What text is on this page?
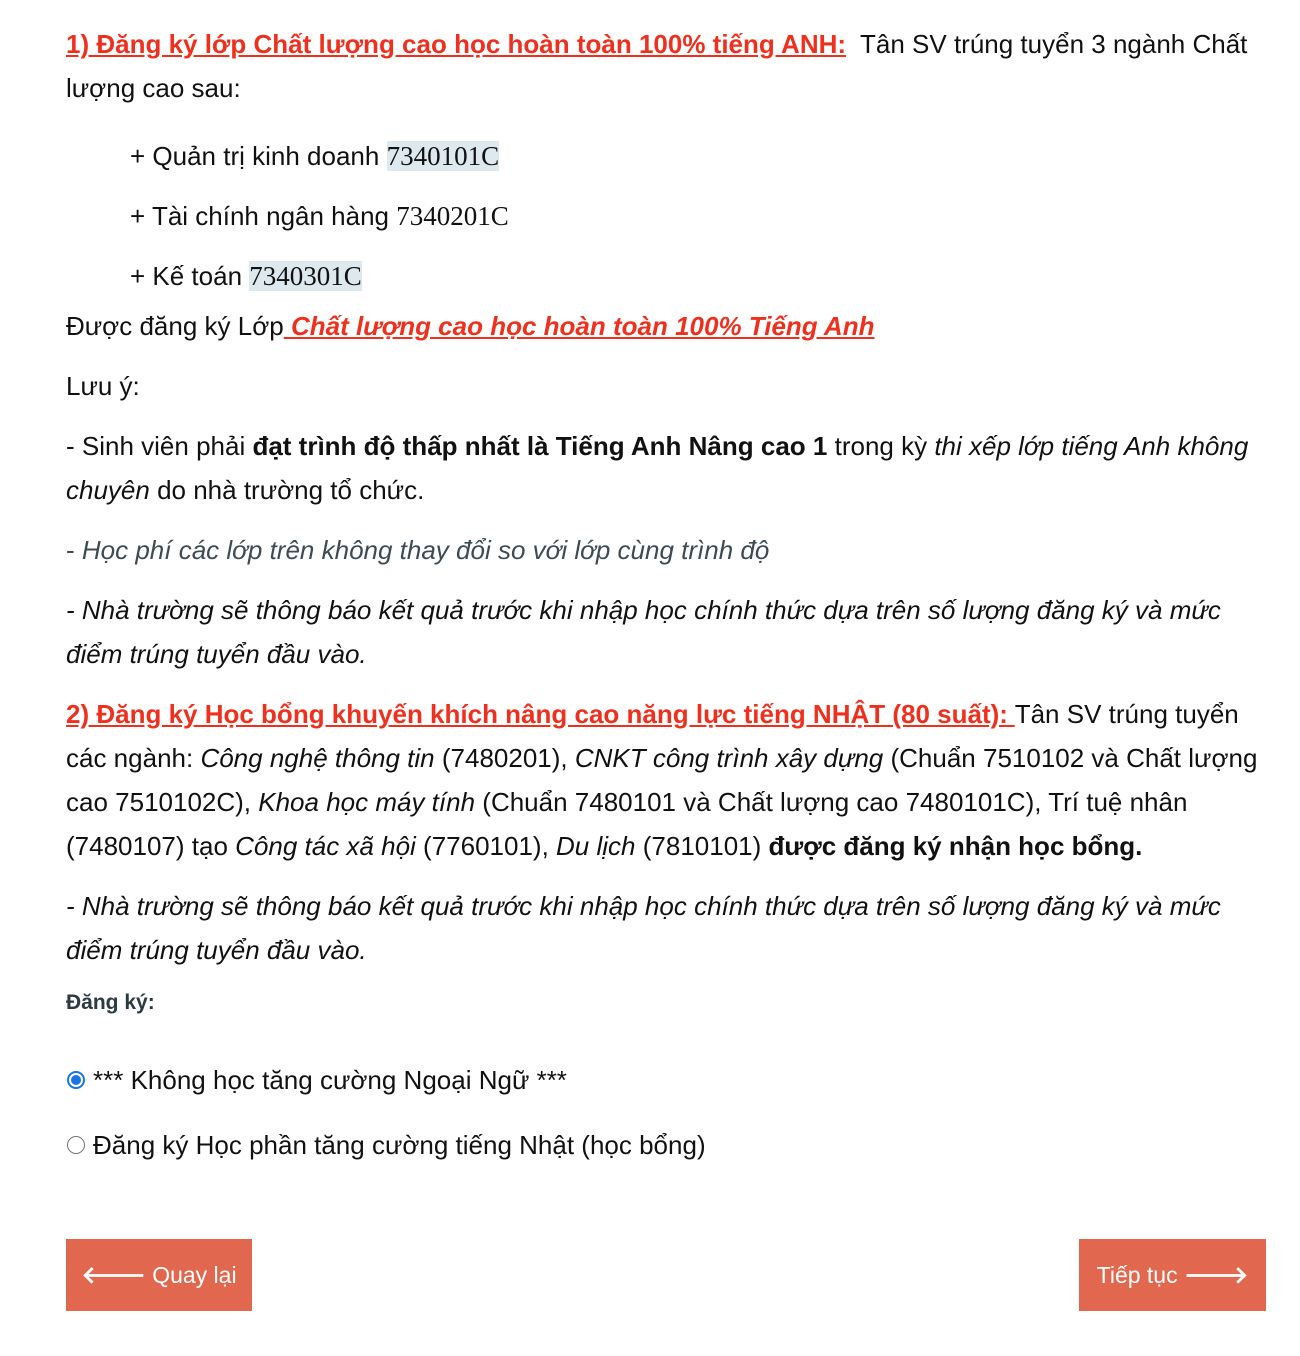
1) Đăng ký lớp Chất lượng cao học hoàn toàn 100% tiếng ANH: Tân SV trúng tuyển 3 ngành Chất lượng cao sau:

+ Quản trị kinh doanh 7340101C

+ Tài chính ngân hàng 7340201C

+ Kế toán 7340301C

Được đăng ký Lớp Chất lượng cao học hoàn toàn 100% Tiếng Anh

Lưu ý:

- Sinh viên phải đạt trình độ thấp nhất là Tiếng Anh Nâng cao 1 trong kỳ thi xếp lớp tiếng Anh không chuyên do nhà trường tổ chức.

- Học phí các lớp trên không thay đổi so với lớp cùng trình độ

- Nhà trường sẽ thông báo kết quả trước khi nhập học chính thức dựa trên số lượng đăng ký và mức điểm trúng tuyển đầu vào.

2) Đăng ký Học bổng khuyến khích nâng cao năng lực tiếng NHẬT (80 suất): Tân SV trúng tuyển các ngành: Công nghệ thông tin (7480201), CNKT công trình xây dựng (Chuẩn 7510102 và Chất lượng cao 7510102C), Khoa học máy tính (Chuẩn 7480101 và Chất lượng cao 7480101C), Trí tuệ nhân (7480107) tạo Công tác xã hội (7760101), Du lịch (7810101) được đăng ký nhận học bổng.

- Nhà trường sẽ thông báo kết quả trước khi nhập học chính thức dựa trên số lượng đăng ký và mức điểm trúng tuyển đầu vào.

Đăng ký:
*** Không học tăng cường Ngoại Ngữ ***
Đăng ký Học phần tăng cường tiếng Nhật (học bổng)
🡐
Quay lại	Tiếp tục
🡒
